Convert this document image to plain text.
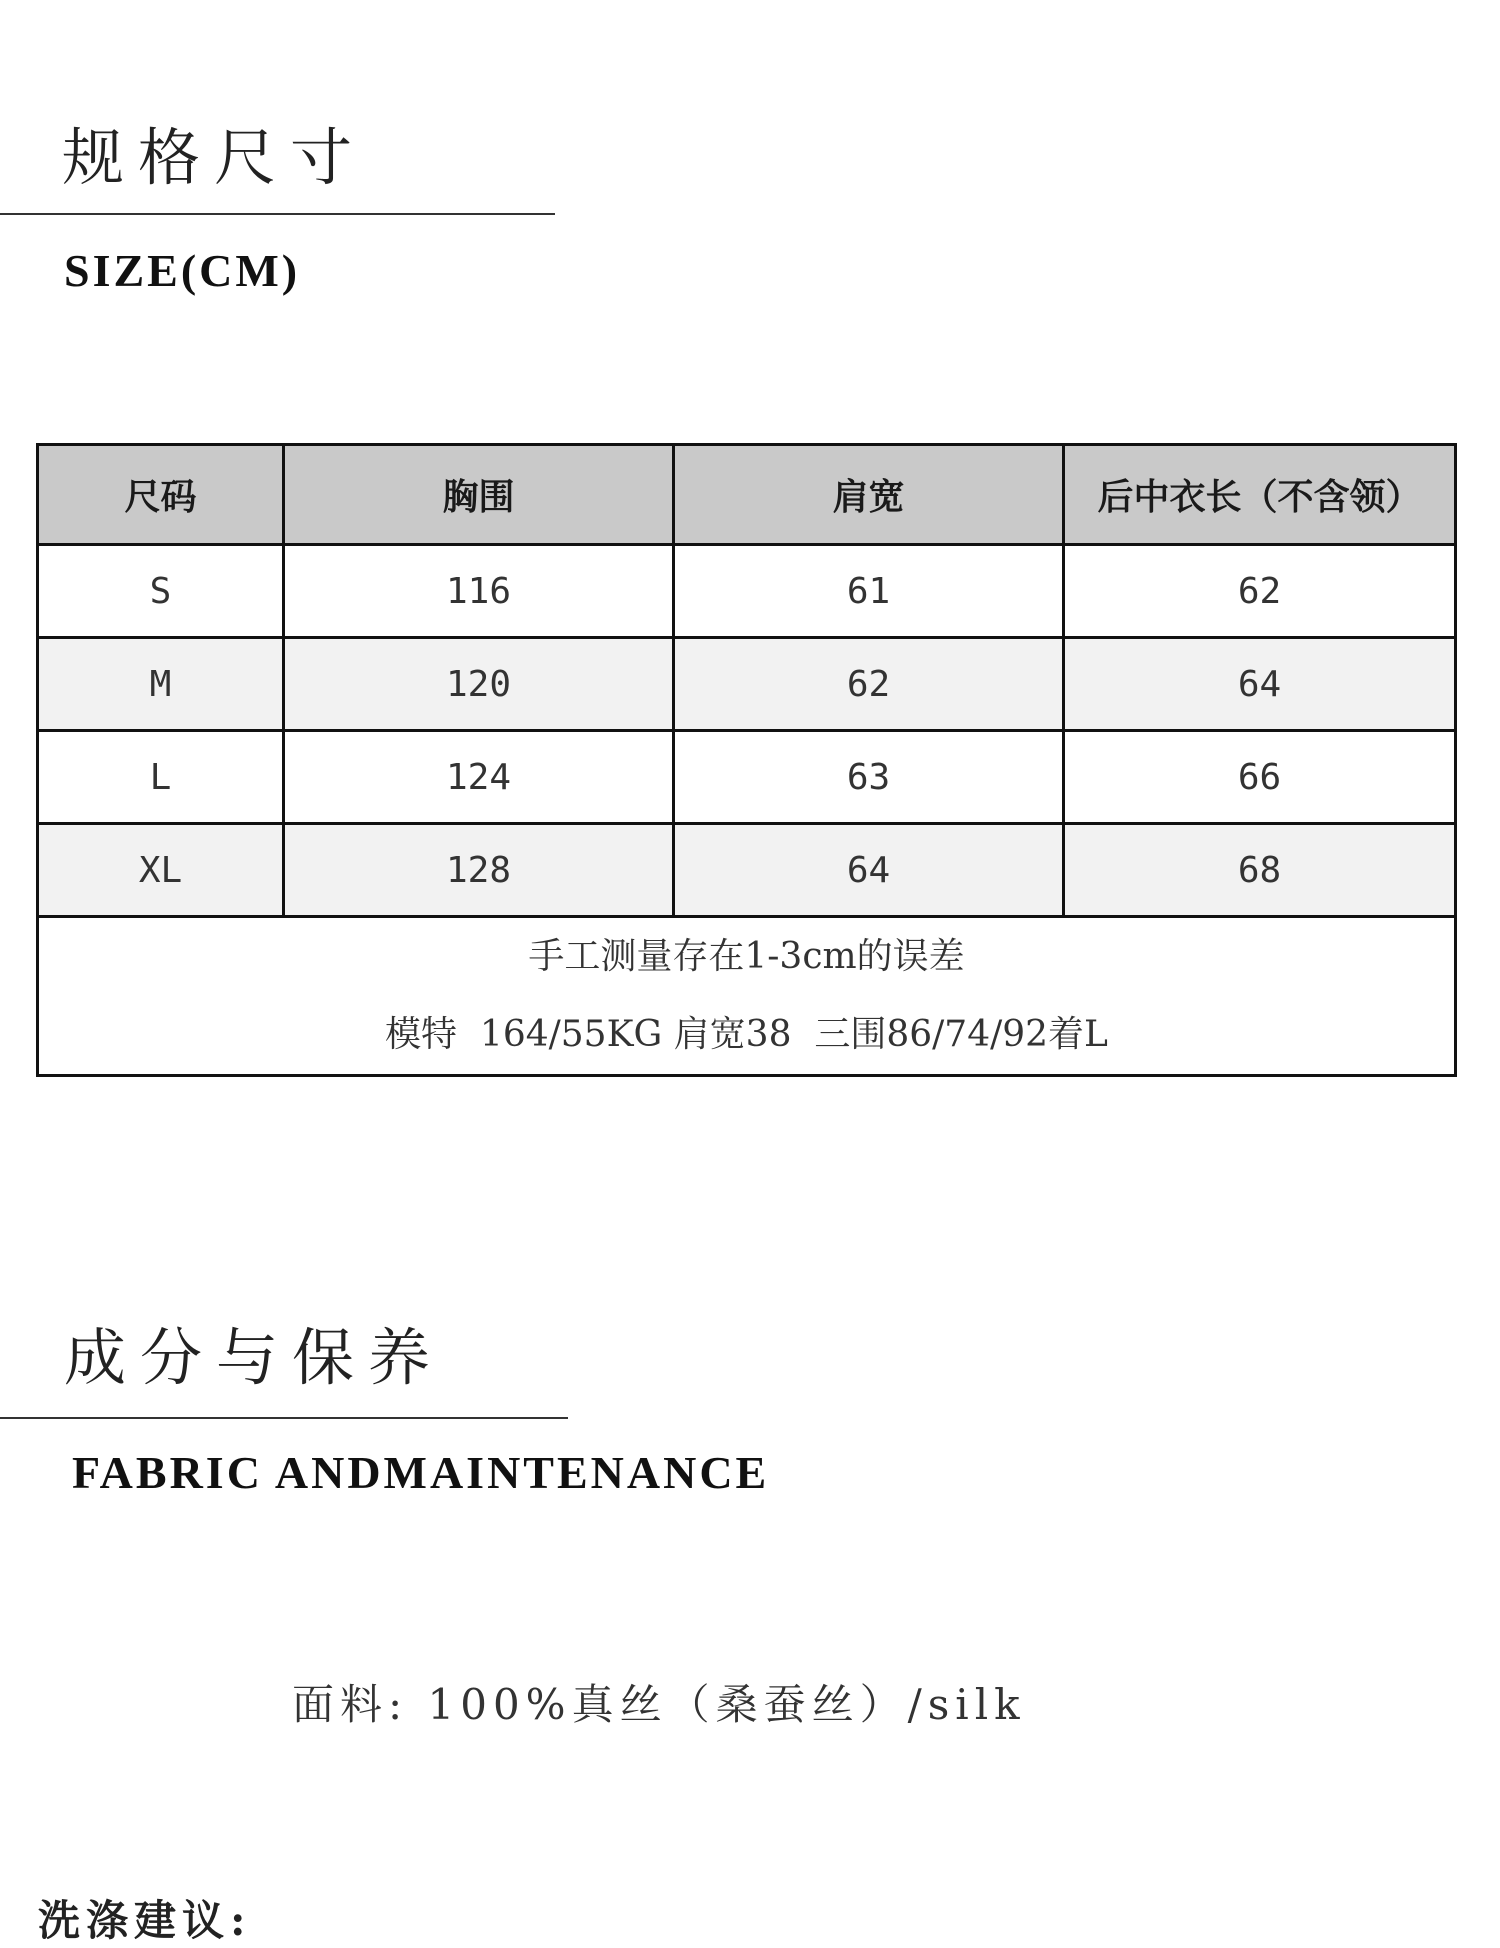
规格尺寸
SIZE(CM)
尺码	胸围	肩宽	后中衣长（不含领）
S	116	61	62
M	120	62	64
L	124	63	66
XL	128	64	68

手工测量存在1-3cm的误差
模特  164/55KG 肩宽38  三围86/74/92着L			
成分与保养
FABRIC ANDMAINTENANCE
面料: 100%真丝（桑蚕丝）/silk
洗涤建议:
